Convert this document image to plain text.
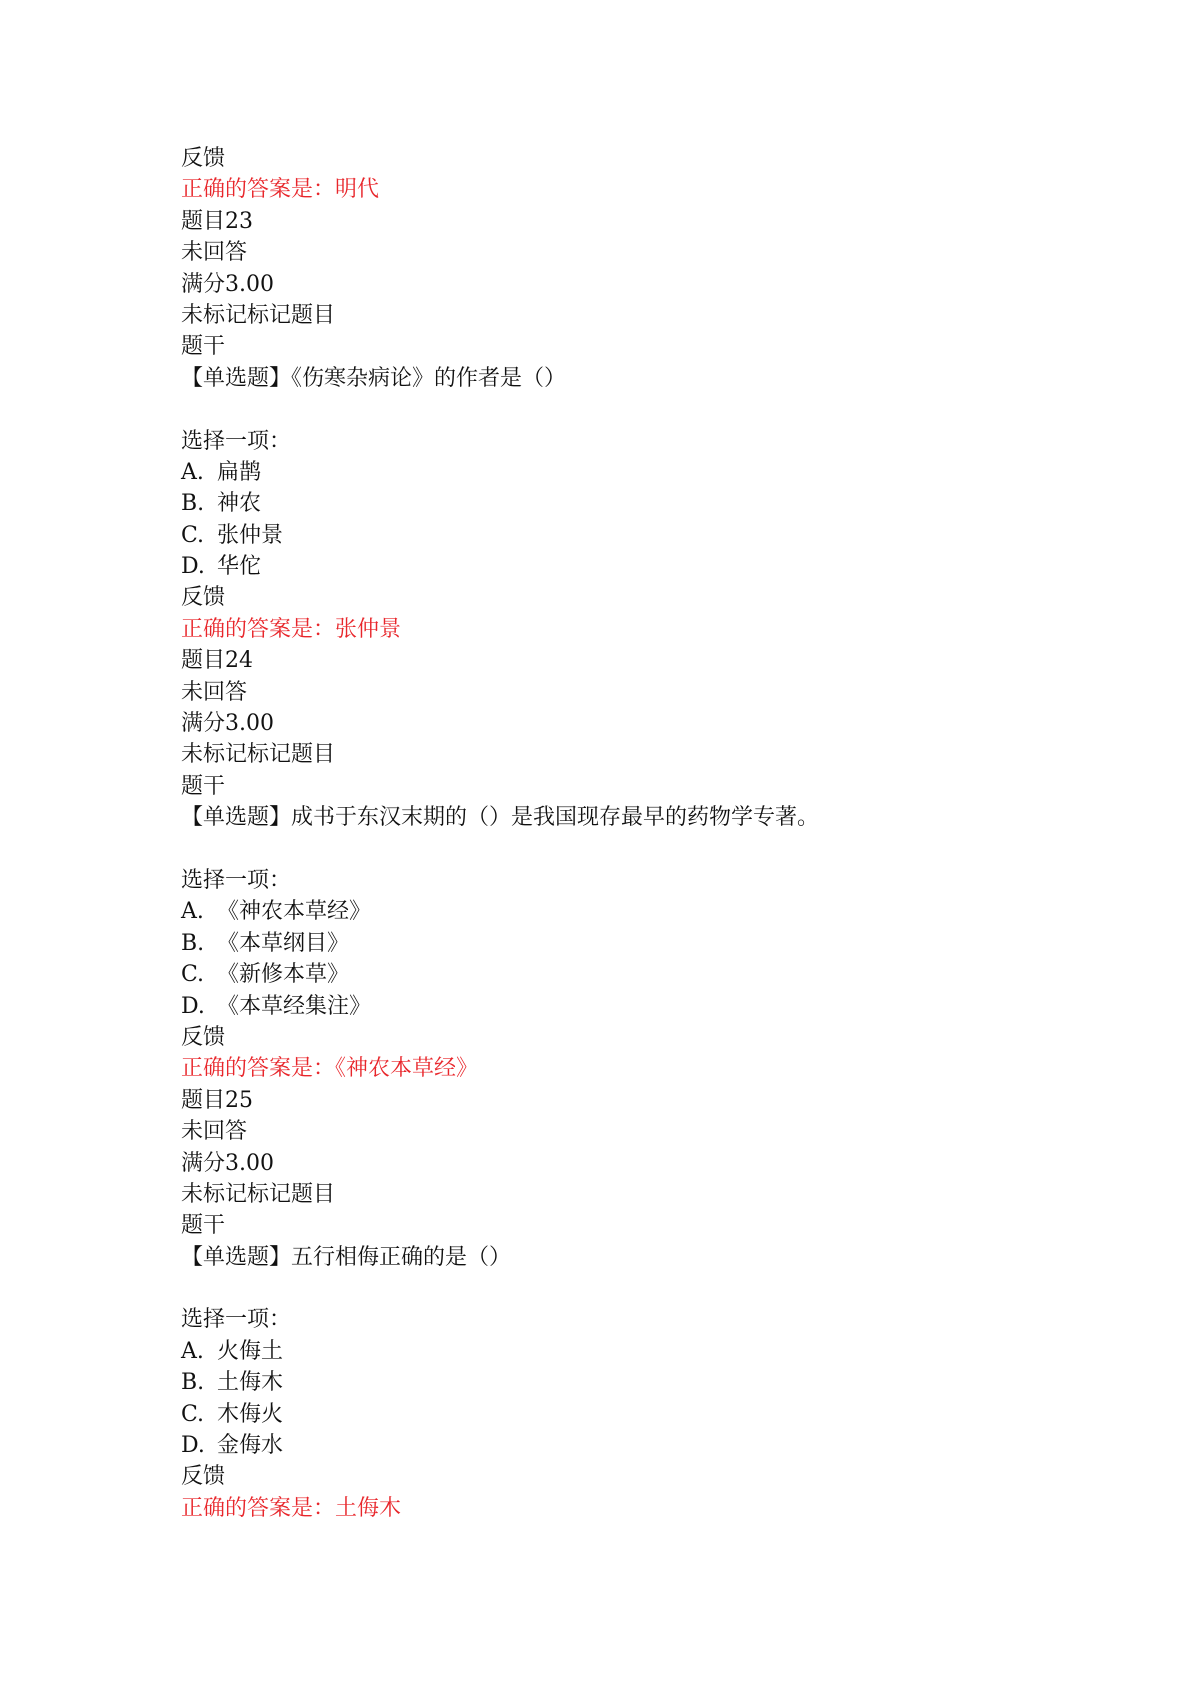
反馈
正确的答案是：明代
题目23
未回答
满分3.00
未标记标记题目
题干
【单选题】《伤寒杂病论》的作者是（）
选择一项：
A. 扁鹊
B. 神农
C. 张仲景
D. 华佗
反馈
正确的答案是：张仲景
题目24
未回答
满分3.00
未标记标记题目
题干
【单选题】成书于东汉末期的（）是我国现存最早的药物学专著。
选择一项：
A. 《神农本草经》
B. 《本草纲目》
C. 《新修本草》
D. 《本草经集注》
反馈
正确的答案是：《神农本草经》
题目25
未回答
满分3.00
未标记标记题目
题干
【单选题】五行相侮正确的是（）
选择一项：
A. 火侮土
B. 土侮木
C. 木侮火
D. 金侮水
反馈
正确的答案是：土侮木
